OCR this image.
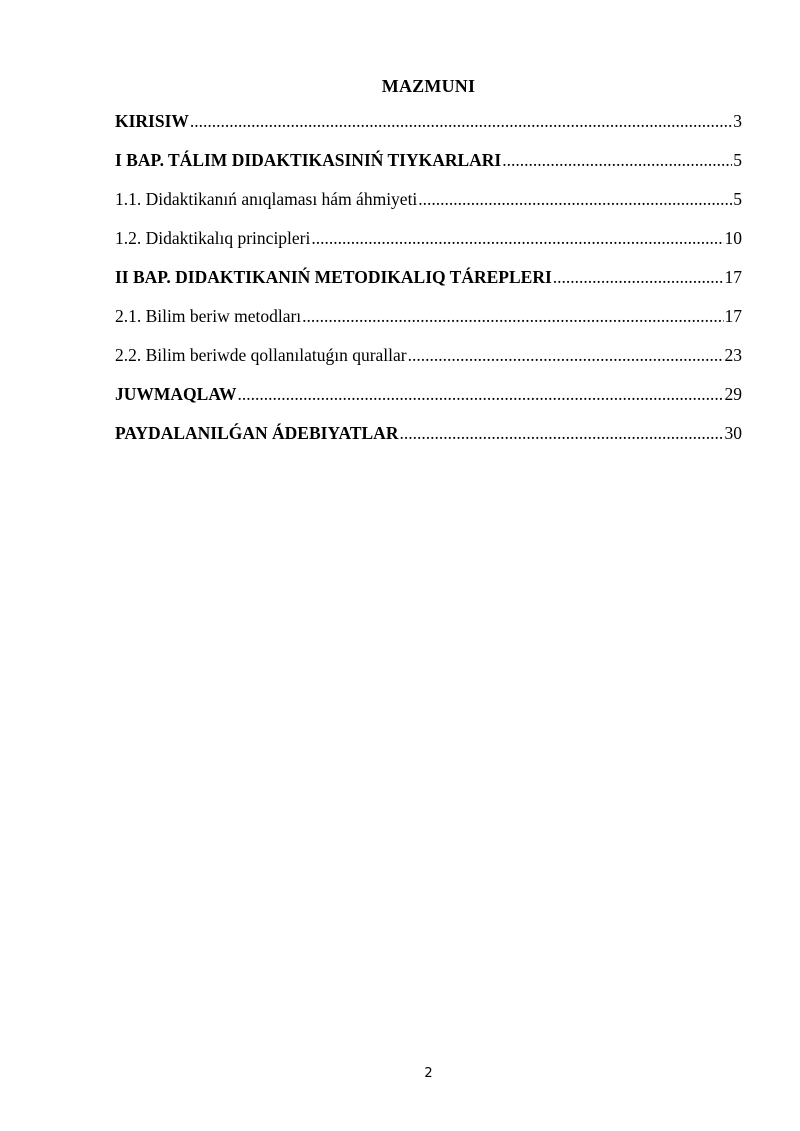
MAZMUNI
KIRISIW .....	3
I BAP. TÁLIM DIDAKTIKASINIŃ TIYKARLARI .....	5
1.1. Didaktikanıń anıqlaması hám áhmiyeti .....	5
1.2. Didaktikalıq principleri .....	10
II BAP. DIDAKTIKANIŃ METODIKALIQ TÁREPLERI .....	17
2.1. Bilim beriw metodları .....	17
2.2. Bilim beriwde qollanılatuǵın qurallar .....	23
JUWMAQLAW .....	29
PAYDALANILǴAN ÁDEBIYATLAR .....	30
2
